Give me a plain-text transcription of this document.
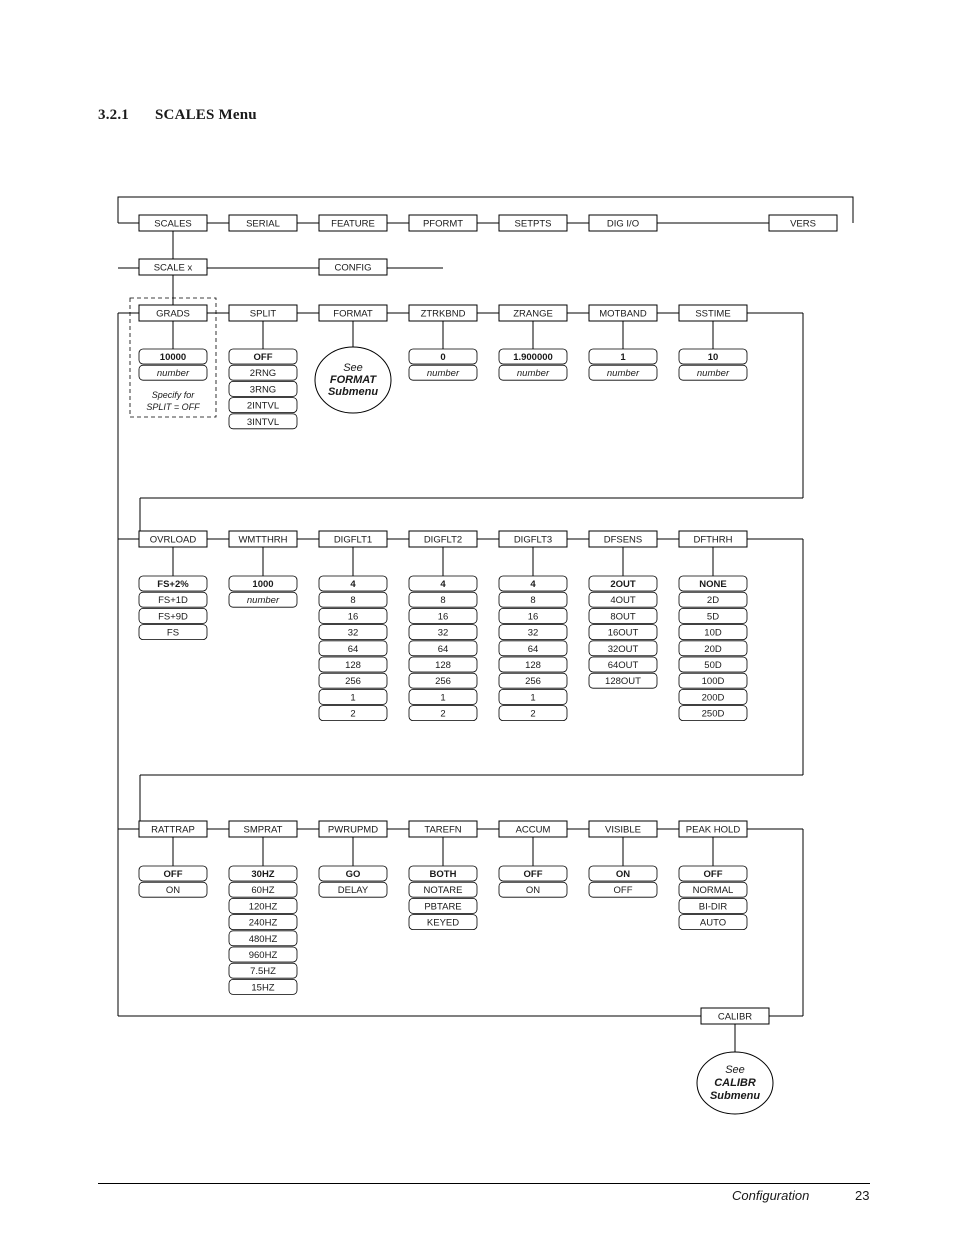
3.2.1 SCALES Menu
SCALES	SERIAL	FEATURE	PFORMT	SETPTS	DIG I/O	VERS
SCALE x	CONFIG
GRADS
10000
number
Specify for
SPLIT = OFF
SPLIT
OFF
2RNG
3RNG
2INTVL
3INTVL
FORMAT
See
FORMAT
Submenu
ZTRKBND
0
number
ZRANGE
1.900000
number
MOTBAND
1
number
SSTIME
10
number
OVRLOAD
FS+2%
FS+1D
FS+9D
FS
WMTTHRH
1000
number
DIGFLT1
4
8
16
32
64
128
256
1
2
DIGFLT2
4
8
16
32
64
128
256
1
2
DIGFLT3
4
8
16
32
64
128
256
1
2
DFSENS
2OUT
4OUT
8OUT
16OUT
32OUT
64OUT
128OUT
DFTHRH
NONE
2D
5D
10D
20D
50D
100D
200D
250D
RATTRAP
OFF
ON
SMPRAT
30HZ
60HZ
120HZ
240HZ
480HZ
960HZ
7.5HZ
15HZ
PWRUPMD
GO
DELAY
TAREFN
BOTH
NOTARE
PBTARE
KEYED
ACCUM
OFF
ON
VISIBLE
ON
OFF
PEAK HOLD
OFF
NORMAL
BI-DIR
AUTO
CALIBR
See
CALIBR
Submenu
Configuration	23
